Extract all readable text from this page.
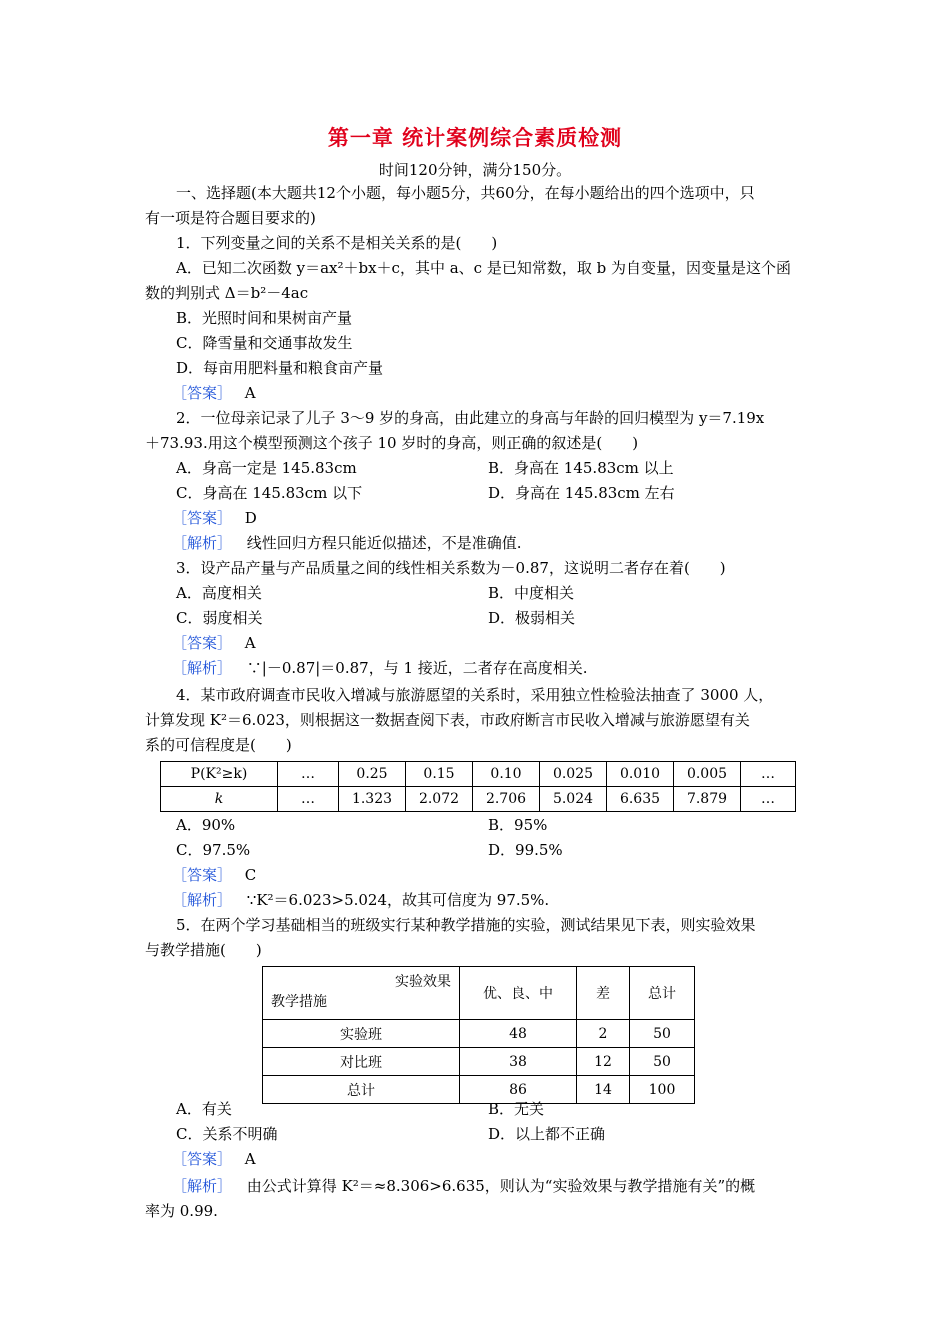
第一章 统计案例综合素质检测
时间120分钟，满分150分。
一、选择题(本大题共12个小题，每小题5分，共60分，在每小题给出的四个选项中，只
有一项是符合题目要求的)
1．下列变量之间的关系不是相关关系的是(　　)
A．已知二次函数 y＝ax²＋bx＋c，其中 a、c 是已知常数，取 b 为自变量，因变量是这个函
数的判别式 Δ＝b²－4ac
B．光照时间和果树亩产量
C．降雪量和交通事故发生
D．每亩用肥料量和粮食亩产量
［答案］ A
2．一位母亲记录了儿子 3～9 岁的身高，由此建立的身高与年龄的回归模型为 y＝7.19x
＋73.93.用这个模型预测这个孩子 10 岁时的身高，则正确的叙述是(　　)
A．身高一定是 145.83cm	B．身高在 145.83cm 以上
C．身高在 145.83cm 以下	D．身高在 145.83cm 左右
［答案］ D
［解析］ 线性回归方程只能近似描述，不是准确值.
3．设产品产量与产品质量之间的线性相关系数为－0.87，这说明二者存在着(　　)
A．高度相关	B．中度相关
C．弱度相关	D．极弱相关
［答案］ A
［解析］ ∵|－0.87|＝0.87，与 1 接近，二者存在高度相关.
4．某市政府调查市民收入增减与旅游愿望的关系时，采用独立性检验法抽查了 3000 人，
计算发现 K²＝6.023，则根据这一数据查阅下表，市政府断言市民收入增减与旅游愿望有关
系的可信程度是(　　)
P(K²≥k)	…	0.25	0.15	0.10	0.025	0.010	0.005	…
k	…	1.323	2.072	2.706	5.024	6.635	7.879	…
A．90%	B．95%
C．97.5%	D．99.5%
［答案］ C
［解析］ ∵K²＝6.023>5.024，故其可信度为 97.5%.
5．在两个学习基础相当的班级实行某种教学措施的实验，测试结果见下表，则实验效果
与教学措施(　　)
实验效果
教学措施	优、良、中	差	总计
实验班	48	2	50
对比班	38	12	50
总计	86	14	100
A．有关	B．无关
C．关系不明确	D．以上都不正确
［答案］ A
［解析］ 由公式计算得 K²＝≈8.306>6.635，则认为“实验效果与教学措施有关”的概
率为 0.99.
